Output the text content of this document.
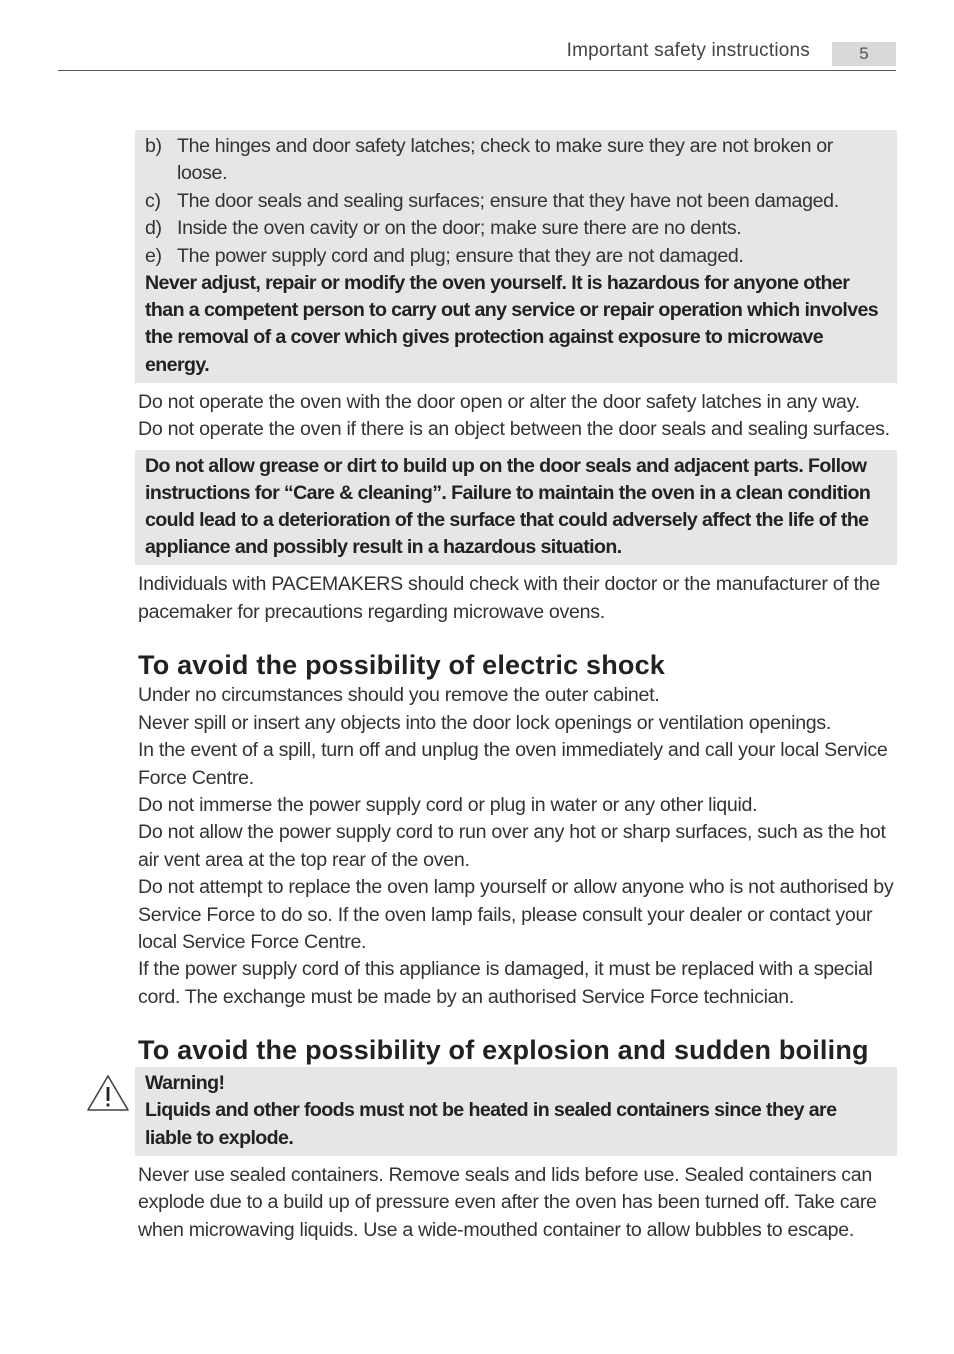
Important safety instructions	5
b) The hinges and door safety latches; check to make sure they are not broken or loose.
c) The door seals and sealing surfaces; ensure that they have not been damaged.
d) Inside the oven cavity or on the door; make sure there are no dents.
e) The power supply cord and plug; ensure that they are not damaged.

Never adjust, repair or modify the oven yourself. It is hazardous for anyone other than a competent person to carry out any service or repair operation which involves the removal of a cover which gives protection against exposure to microwave energy.

Do not operate the oven with the door open or alter the door safety latches in any way.

Do not operate the oven if there is an object between the door seals and sealing surfaces.

Do not allow grease or dirt to build up on the door seals and adjacent parts. Follow instructions for “Care & cleaning”. Failure to maintain the oven in a clean condition could lead to a deterioration of the surface that could adversely affect the life of the appliance and possibly result in a hazardous situation.

Individuals with PACEMAKERS should check with their doctor or the manufacturer of the pacemaker for precautions regarding microwave ovens.

To avoid the possibility of electric shock

Under no circumstances should you remove the outer cabinet.

Never spill or insert any objects into the door lock openings or ventilation openings.

In the event of a spill, turn off and unplug the oven immediately and call your local Service Force Centre.

Do not immerse the power supply cord or plug in water or any other liquid.

Do not allow the power supply cord to run over any hot or sharp surfaces, such as the hot air vent area at the top rear of the oven.

Do not attempt to replace the oven lamp yourself or allow anyone who is not authorised by Service Force to do so. If the oven lamp fails, please consult your dealer or contact your local Service Force Centre.

If the power supply cord of this appliance is damaged, it must be replaced with a special cord. The exchange must be made by an authorised Service Force technician.

To avoid the possibility of explosion and sudden boiling

Warning!

Liquids and other foods must not be heated in sealed containers since they are liable to explode.

Never use sealed containers. Remove seals and lids before use. Sealed containers can explode due to a build up of pressure even after the oven has been turned off. Take care when microwaving liquids. Use a wide-mouthed container to allow bubbles to escape.
